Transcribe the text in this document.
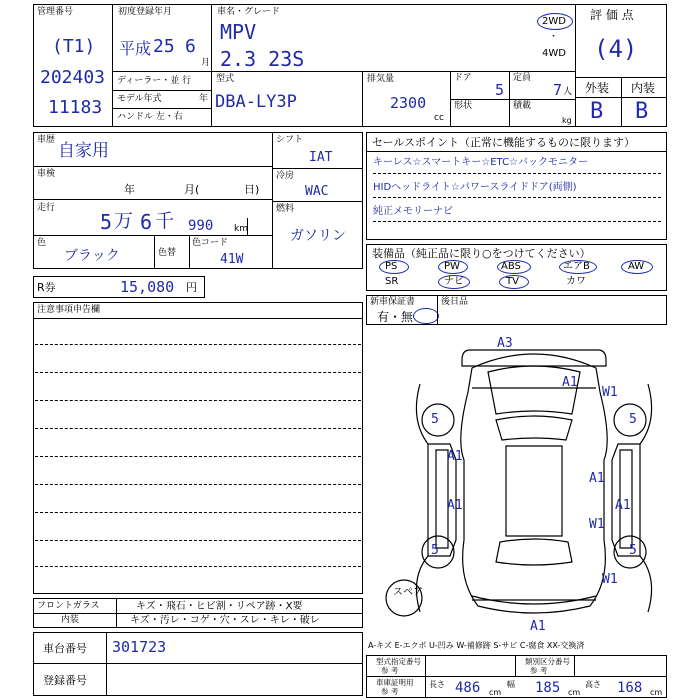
管理番号
(T1)
202403
11183
初度登録年月
平成 25 6
月
車名・グレード
MPV
2.3 23S
2WD
・
4WD
評 価 点
(4)
外装 内装
B B
ディーラー・並 行
モデル年式	年
ハンドル 左・右
型式
DBA-LY3P
排気量
2300
cc
ドア
5
定員
7 人
形状	積載
kg
車歴
自家用
車検
年	月(	日)
走行
5 万 6 千 990 km
色
ブラック	色替
色コード
41W
シフト
IAT
冷房
WAC
燃料
ガソリン
セールスポイント（正常に機能するものに限ります）
キーレス☆スマートキー☆ETC☆バックモニター
HIDヘッドライト☆パワースライドドア(両側)
純正メモリーナビ
装備品（純正品に限り○をつけてください）
PS	PW	ABS	エアB	AW
SR	ナビ	TV	カワ
新車保証書
有・無
後日品
R券	15,080 円
注意事項申告欄
A3
A1
W1
5	5
A1
A1
A1	A1
W1
5	5
W1
A1
スペア
フロントガラス	キズ・飛石・ヒビ割・リペア跡・X要
内装	キズ・汚レ・コゲ・穴・スレ・キレ・破レ
車台番号 301723
登録番号
A-キズ E-エクボ U-凹み W-補修跡 S-サビ C-腐食 XX-交換済
型式指定番号
参 考
類別区分番号
参 考
車庫証明用
参 考
長さ 486 cm
幅 185 cm
高さ 168 cm
